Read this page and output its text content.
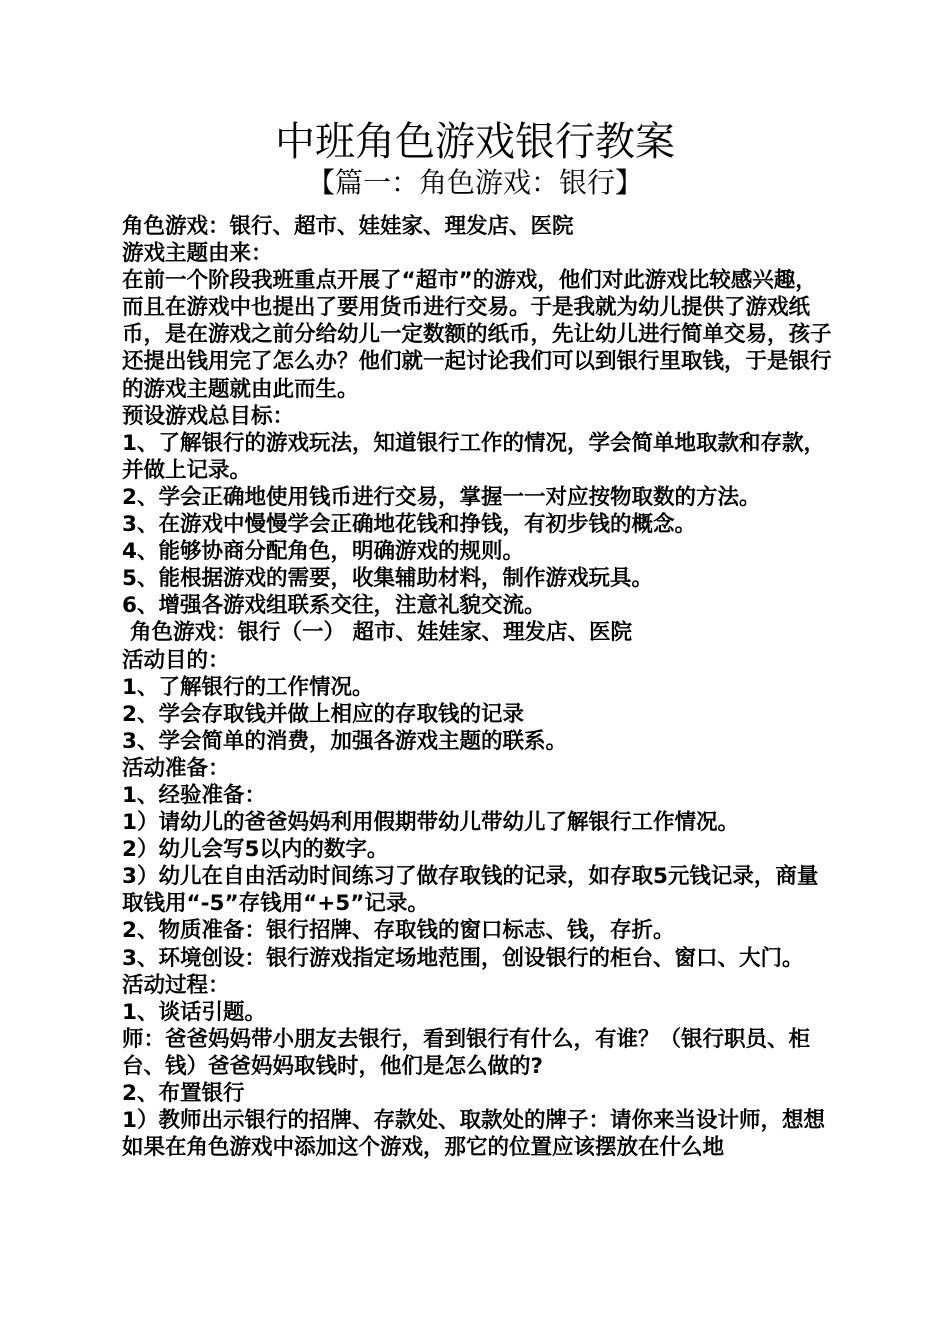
中班角色游戏银行教案
【篇一：角色游戏：银行】

角色游戏：银行、超市、娃娃家、理发店、医院

游戏主题由来：

在前一个阶段我班重点开展了“超市”的游戏，他们对此游戏比较感兴趣，而且在游戏中也提出了要用货币进行交易。于是我就为幼儿提供了游戏纸币，是在游戏之前分给幼儿一定数额的纸币，先让幼儿进行简单交易，孩子还提出钱用完了怎么办？他们就一起讨论我们可以到银行里取钱，于是银行的游戏主题就由此而生。

预设游戏总目标：

1、了解银行的游戏玩法，知道银行工作的情况，学会简单地取款和存款，并做上记录。

2、学会正确地使用钱币进行交易，掌握一一对应按物取数的方法。

3、在游戏中慢慢学会正确地花钱和挣钱，有初步钱的概念。

4、能够协商分配角色，明确游戏的规则。

5、能根据游戏的需要，收集辅助材料，制作游戏玩具。

6、增强各游戏组联系交往，注意礼貌交流。

角色游戏：银行（一） 超市、娃娃家、理发店、医院

活动目的：

1、了解银行的工作情况。

2、学会存取钱并做上相应的存取钱的记录

3、学会简单的消费，加强各游戏主题的联系。

活动准备：

1、经验准备：

1）请幼儿的爸爸妈妈利用假期带幼儿带幼儿了解银行工作情况。

2）幼儿会写5以内的数字。

3）幼儿在自由活动时间练习了做存取钱的记录，如存取5元钱记录，商量取钱用“-5”存钱用“+5”记录。

2、物质准备：银行招牌、存取钱的窗口标志、钱，存折。

3、环境创设：银行游戏指定场地范围，创设银行的柜台、窗口、大门。

活动过程：

1、谈话引题。

师：爸爸妈妈带小朋友去银行，看到银行有什么，有谁？（银行职员、柜台、钱）爸爸妈妈取钱时，他们是怎么做的?

2、布置银行

1）教师出示银行的招牌、存款处、取款处的牌子：请你来当设计师，想想如果在角色游戏中添加这个游戏，那它的位置应该摆放在什么地
